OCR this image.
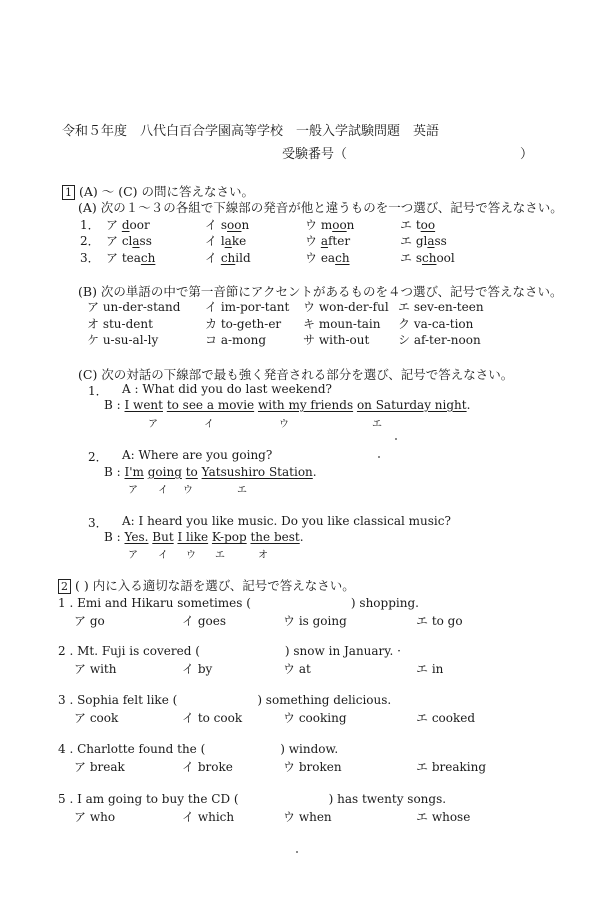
令和５年度　八代白百合学園高等学校　一般入学試験問題　英語
受験番号（	）
1 (A) ～ (C) の問に答えなさい。
(A) 次の１～３の各組で下線部の発音が他と違うものを一つ選び、記号で答えなさい。
1． ア door	イ soon	ウ moon	エ too
2． ア class	イ lake	ウ after	エ glass
3． ア teach	イ child	ウ each	エ school
(B) 次の単語の中で第一音節にアクセントがあるものを４つ選び、記号で答えなさい。
ア un-der-stand イ im-por-tant ウ won-der-ful エ sev-en-teen
オ stu-dent	カ to-geth-er キ moun-tain ク va-ca-tion
ケ u-su-al-ly	コ a-mong	サ with-out シ af-ter-noon
(C) 次の対話の下線部で最も強く発音される部分を選び、記号で答えなさい。
1． A : What did you do last weekend?
B : I went to see a movie with my friends on Saturday night.
ア	イ	ウ	エ
2． A: Where are you going?
B : I'm going to Yatsushiro Station.
ア イ ウ	エ
3． A: I heard you like music. Do you like classical music?
B : Yes. But I like K-pop the best.
ア イ ウ エ	オ
2 ( ) 内に入る適切な語を選び、記号で答えなさい。
1 . Emi and Hikaru sometimes (	) shopping.
ア go	イ goes	ウ is going	エ to go
2 . Mt. Fuji is covered (	) snow in January. ·
ア with	イ by	ウ at	エ in
3 . Sophia felt like (	) something delicious.
ア cook	イ to cook	ウ cooking	エ cooked
4 . Charlotte found the (	) window.
ア break	イ broke	ウ broken	エ breaking
5 . I am going to buy the CD (	) has twenty songs.
ア who	イ which	ウ when	エ whose
